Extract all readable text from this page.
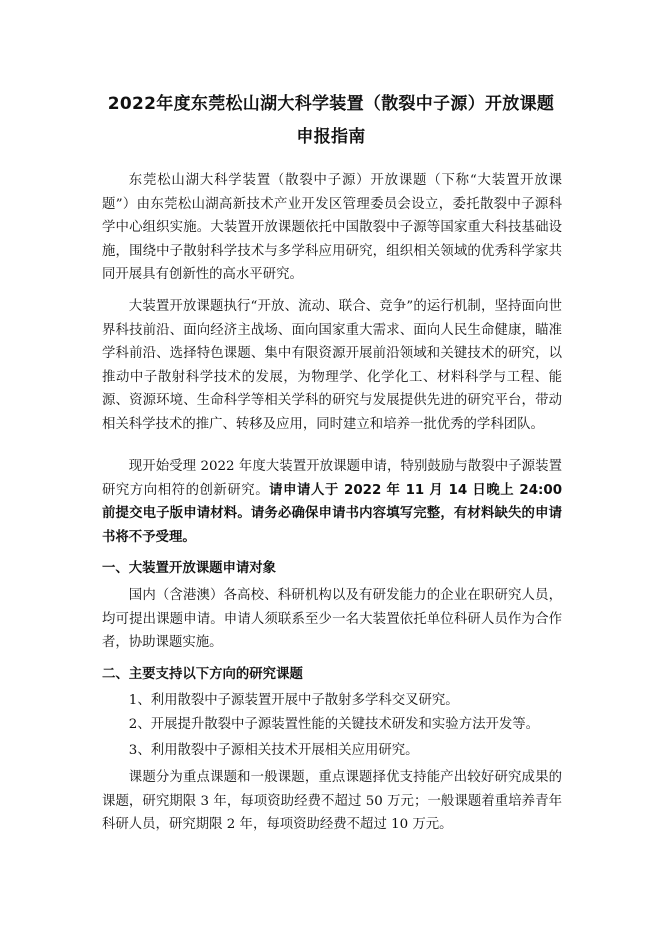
2022年度东莞松山湖大科学装置（散裂中子源）开放课题
申报指南

东莞松山湖大科学装置（散裂中子源）开放课题（下称“大装置开放课题”）由东莞松山湖高新技术产业开发区管理委员会设立，委托散裂中子源科学中心组织实施。大装置开放课题依托中国散裂中子源等国家重大科技基础设施，围绕中子散射科学技术与多学科应用研究，组织相关领域的优秀科学家共同开展具有创新性的高水平研究。

大装置开放课题执行“开放、流动、联合、竞争”的运行机制，坚持面向世界科技前沿、面向经济主战场、面向国家重大需求、面向人民生命健康，瞄准学科前沿、选择特色课题、集中有限资源开展前沿领域和关键技术的研究，以推动中子散射科学技术的发展，为物理学、化学化工、材料科学与工程、能源、资源环境、生命科学等相关学科的研究与发展提供先进的研究平台，带动相关科学技术的推广、转移及应用，同时建立和培养一批优秀的学科团队。

现开始受理 2022 年度大装置开放课题申请，特别鼓励与散裂中子源装置研究方向相符的创新研究。请申请人于 2022 年 11 月 14 日晚上 24:00 前提交电子版申请材料。请务必确保申请书内容填写完整，有材料缺失的申请书将不予受理。

一、大装置开放课题申请对象

国内（含港澳）各高校、科研机构以及有研发能力的企业在职研究人员，均可提出课题申请。申请人须联系至少一名大装置依托单位科研人员作为合作者，协助课题实施。

二、主要支持以下方向的研究课题
1、利用散裂中子源装置开展中子散射多学科交叉研究。
2、开展提升散裂中子源装置性能的关键技术研发和实验方法开发等。
3、利用散裂中子源相关技术开展相关应用研究。

课题分为重点课题和一般课题，重点课题择优支持能产出较好研究成果的课题，研究期限 3 年，每项资助经费不超过 50 万元；一般课题着重培养青年科研人员，研究期限 2 年，每项资助经费不超过 10 万元。
